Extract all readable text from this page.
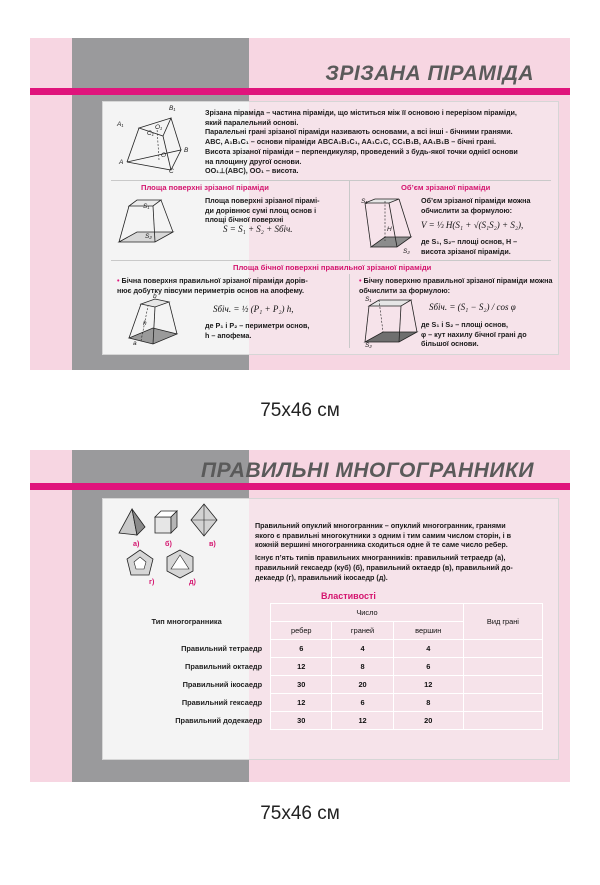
ЗРІЗАНА ПІРАМІДА
A₁
B₁
C₁
O₁
A
B
C
O
Зрізана піраміда – частина піраміди, що міститься між її основою і перерізом піраміди,
який паралельний основі.
Паралельні грані зрізаної піраміди називають основами, а всі інші - бічними гранями.
ABC, A₁B₁C₁ – основи піраміди ABCA₁B₁C₁, AA₁C₁C, CC₁B₁B, AA₁B₁B – бічні грані.
Висота зрізаної піраміди – перпендикуляр, проведений з будь-якої точки однієї основи
на площину другої основи.
OO₁⊥(ABC), OO₁ – висота.
Площа поверхні зрізаної піраміди
S₁
S₂
Площа поверхні зрізаної пірамі-
ди дорівнює сумі площ основ і
площі бічної поверхні
S = S₁ + S₂ + Sбіч.
Об’єм зрізаної піраміди
S₁
S₂
H
Об’єм зрізаної піраміди можна
обчислити за формулою:
V = ⅓ H(S₁ + √(S₁S₂) + S₂),
де S₁, S₂– площі основ, H –
висота зрізаної піраміди.
Площа бічної поверхні правильної зрізаної піраміди
• Бічна поверхня правильної зрізаної піраміди дорів-
нює добутку півсуми периметрів основ на апофему.
b
h
a
Sбіч. = ½ (P₁ + P₂) h,
де P₁ і P₂ – периметри основ,
h – апофема.
• Бічну поверхню правильної зрізаної піраміди можна
обчислити за формулою:
S₁
S₂
Sбіч. = (S₁ − S₂) / cos φ
де S₁ і S₂ – площі основ,
φ – кут нахилу бічної грані до
більшої основи.
75х46 см
ПРАВИЛЬНІ МНОГОГРАННИКИ
а)	б)	в)
г)	д)
Правильний опуклий многогранник – опуклий многогранник, гранями
якого є правильні многокутники з одним і тим самим числом сторін, і в
кожній вершині многогранника сходиться одне й те саме число ребер.
Існує п’ять типів правильних многранників: правильний тетраедр (а),
правильний гексаедр (куб) (б), правильний октаедр (в), правильний до-
декаедр (г), правильний ікосаедр (д).
Властивості
Тип многогранника	Число			Вид грані
	ребер	граней	вершин	
Правильний тетраедр	6	4	4	
Правильний октаедр	12	8	6	
Правильний ікосаедр	30	20	12	
Правильний гексаедр	12	6	8	
Правильний додекаедр	30	12	20	
75х46 см
